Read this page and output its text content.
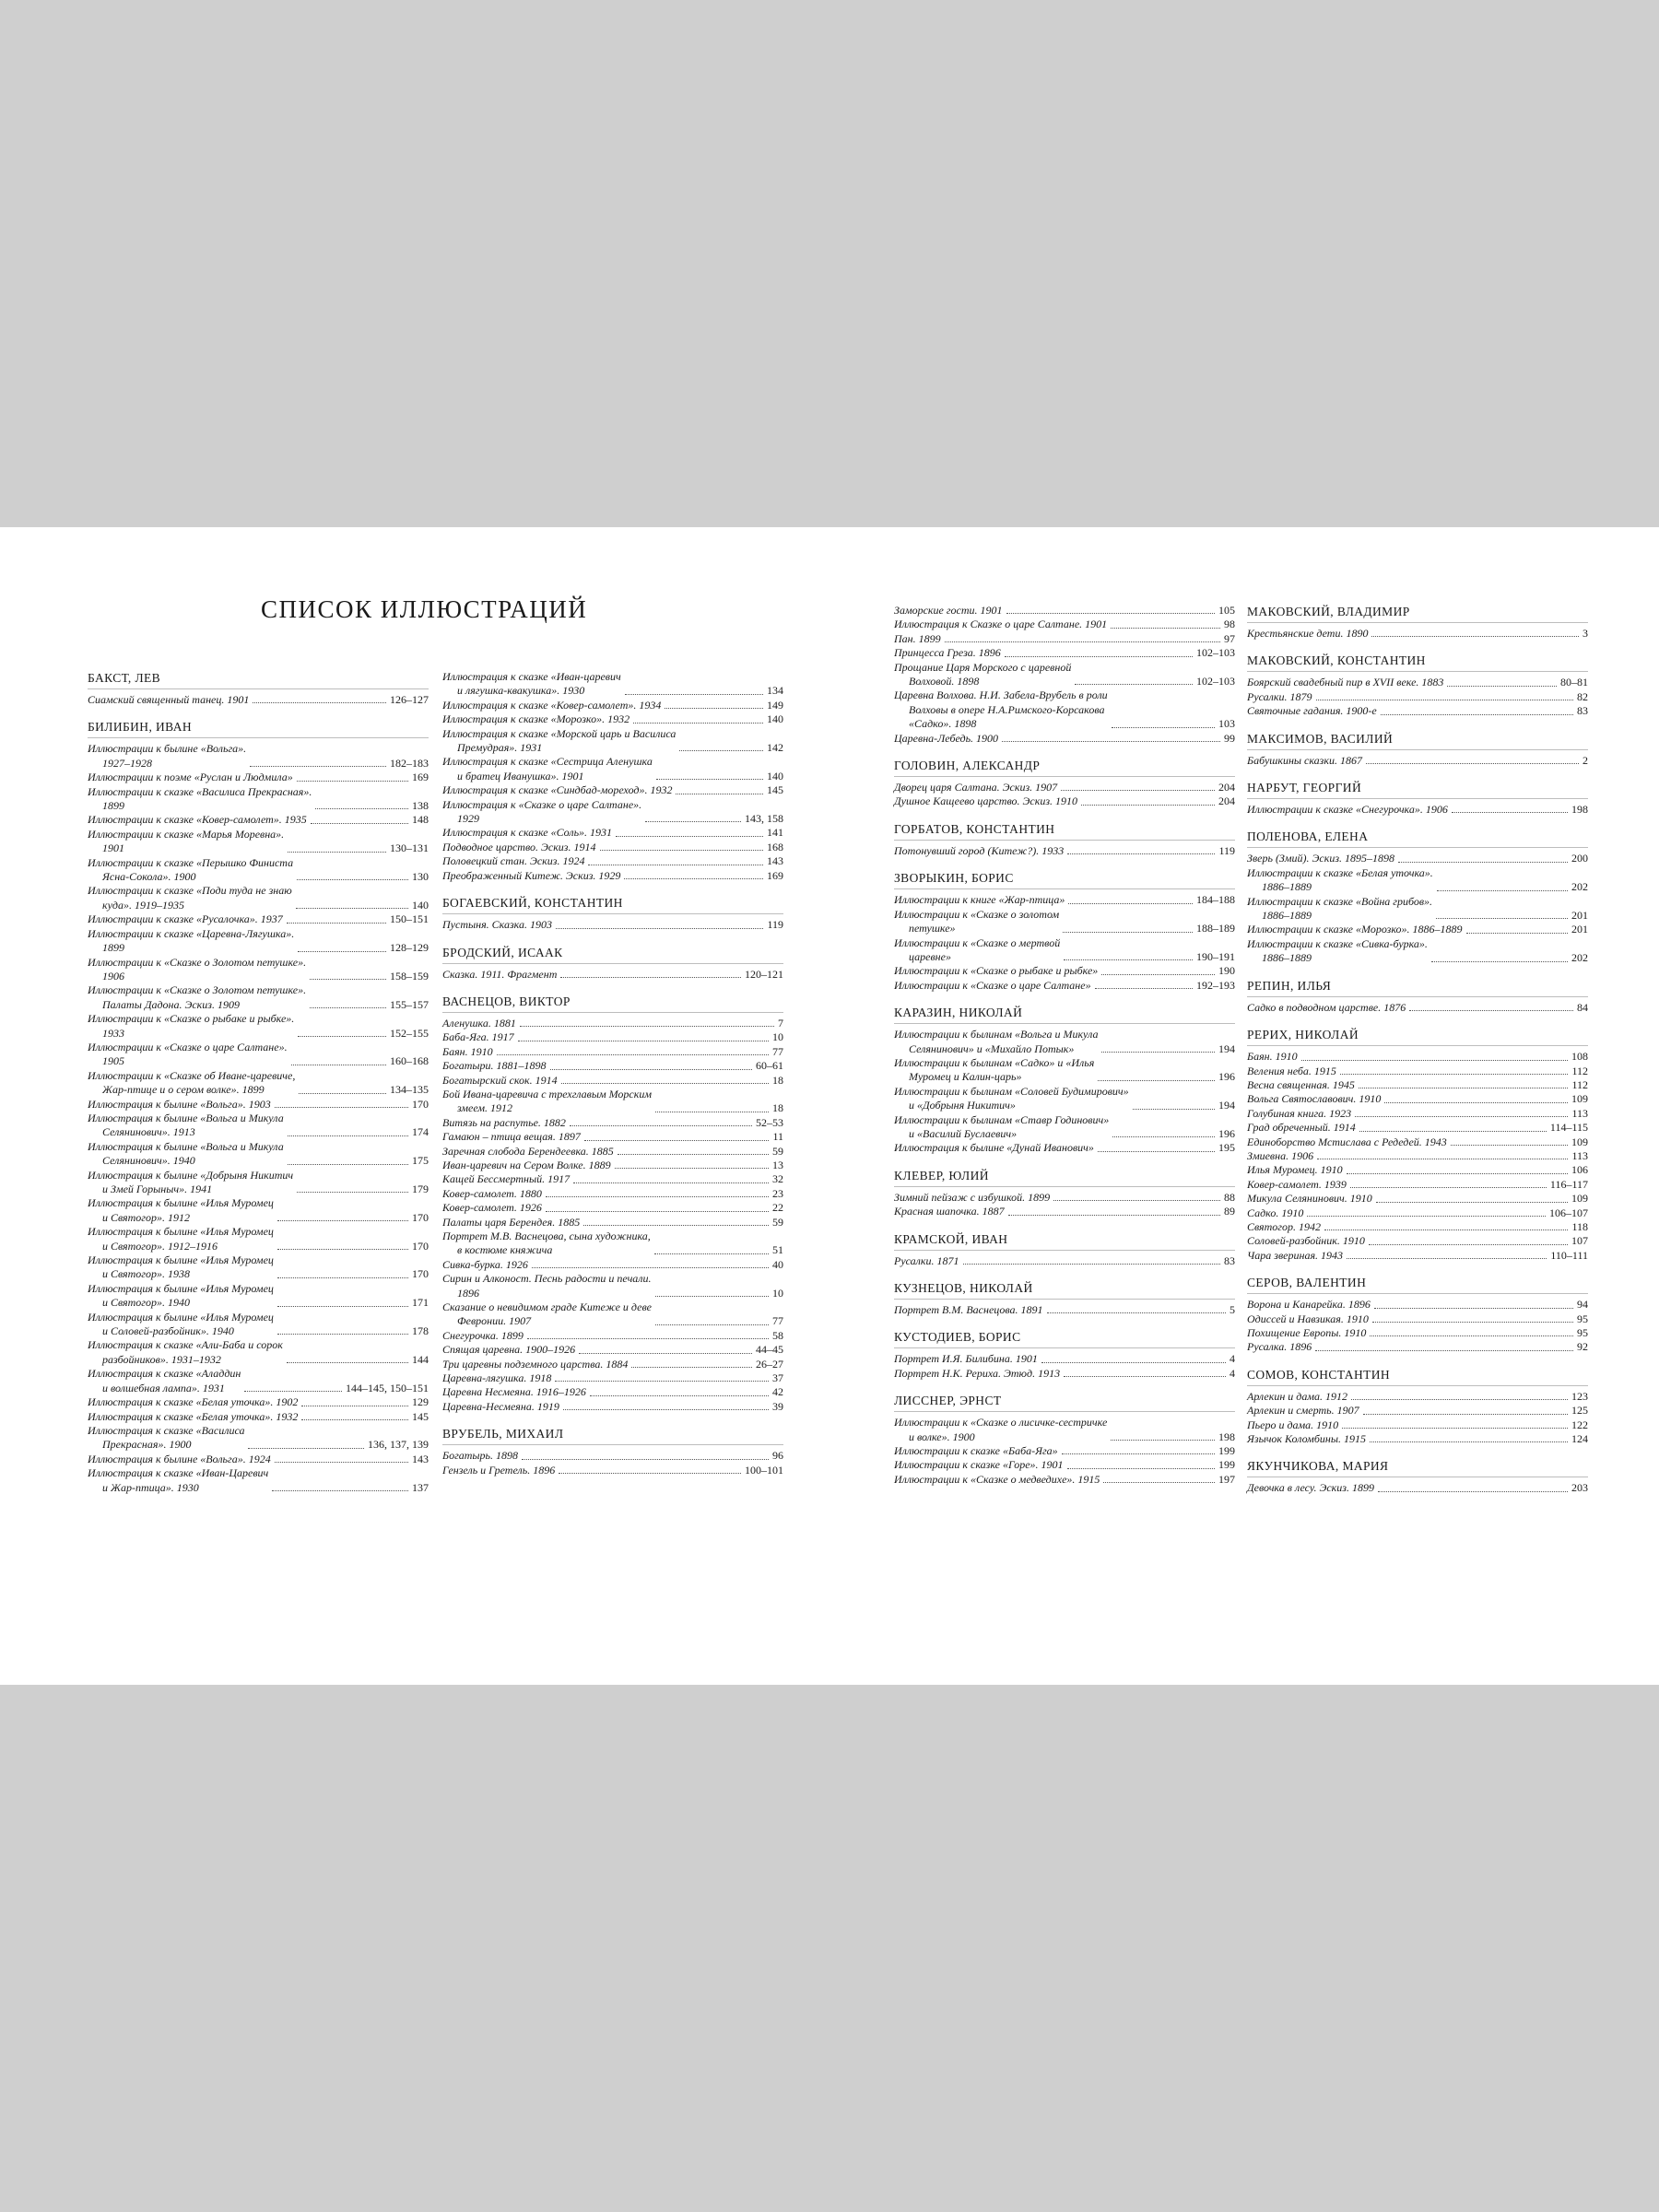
СПИСОК ИЛЛЮСТРАЦИЙ
БАКСТ, ЛЕВ
Сиамский священный танец. 1901	126–127
БИЛИБИН, ИВАН
Иллюстрации к былине «Вольга».
1927–1928	182–183
Иллюстрации к поэме «Руслан и Людмила»	169
Иллюстрации к сказке «Василиса Прекрасная».
1899	138
Иллюстрации к сказке «Ковер-самолет». 1935	148
Иллюстрации к сказке «Марья Моревна».
1901	130–131
Иллюстрации к сказке «Перышко Финиста
Ясна-Сокола». 1900	130
Иллюстрации к сказке «Поди туда не знаю
куда». 1919–1935	140
Иллюстрации к сказке «Русалочка». 1937	150–151
Иллюстрации к сказке «Царевна-Лягушка».
1899	128–129
Иллюстрации к «Сказке о Золотом петушке».
1906	158–159
Иллюстрации к «Сказке о Золотом петушке».
Палаты Дадона. Эскиз. 1909	155–157
Иллюстрации к «Сказке о рыбаке и рыбке».
1933	152–155
Иллюстрации к «Сказке о царе Салтане».
1905	160–168
Иллюстрации к «Сказке об Иване-царевиче,
Жар-птице и о сером волке». 1899	134–135
Иллюстрация к былине «Вольга». 1903	170
Иллюстрация к былине «Вольга и Микула
Селянинович». 1913	174
Иллюстрация к былине «Вольга и Микула
Селянинович». 1940	175
Иллюстрация к былине «Добрыня Никитич
и Змей Горыныч». 1941	179
Иллюстрация к былине «Илья Муромец
и Святогор». 1912	170
Иллюстрация к былине «Илья Муромец
и Святогор». 1912–1916	170
Иллюстрация к былине «Илья Муромец
и Святогор». 1938	170
Иллюстрация к былине «Илья Муромец
и Святогор». 1940	171
Иллюстрация к былине «Илья Муромец
и Соловей-разбойник». 1940	178
Иллюстрация к сказке «Али-Баба и сорок
разбойников». 1931–1932	144
Иллюстрация к сказке «Аладдин
и волшебная лампа». 1931	144–145, 150–151
Иллюстрация к сказке «Белая уточка». 1902	129
Иллюстрация к сказке «Белая уточка». 1932	145
Иллюстрация к сказке «Василиса
Прекрасная». 1900	136, 137, 139
Иллюстрация к былине «Вольга». 1924	143
Иллюстрация к сказке «Иван-Царевич
и Жар-птица». 1930	137
Иллюстрация к сказке «Иван-царевич
и лягушка-квакушка». 1930	134
Иллюстрация к сказке «Ковер-самолет». 1934	149
Иллюстрация к сказке «Морозко». 1932	140
Иллюстрация к сказке «Морской царь и Василиса
Премудрая». 1931	142
Иллюстрация к сказке «Сестрица Аленушка
и братец Иванушка». 1901	140
Иллюстрация к сказке «Синдбад-мореход». 1932	145
Иллюстрация к «Сказке о царе Салтане».
1929	143, 158
Иллюстрация к сказке «Соль». 1931	141
Подводное царство. Эскиз. 1914	168
Половецкий стан. Эскиз. 1924	143
Преображенный Китеж. Эскиз. 1929	169
БОГАЕВСКИЙ, КОНСТАНТИН
Пустыня. Сказка. 1903	119
БРОДСКИЙ, ИСААК
Сказка. 1911. Фрагмент	120–121
ВАСНЕЦОВ, ВИКТОР
Аленушка. 1881	7
Баба-Яга. 1917	10
Баян. 1910	77
Богатыри. 1881–1898	60–61
Богатырский скок. 1914	18
Бой Ивана-царевича с трехглавым Морским
змеем. 1912	18
Витязь на распутье. 1882	52–53
Гамаюн – птица вещая. 1897	11
Заречная слобода Берендеевка. 1885	59
Иван-царевич на Сером Волке. 1889	13
Кащей Бессмертный. 1917	32
Ковер-самолет. 1880	23
Ковер-самолет. 1926	22
Палаты царя Берендея. 1885	59
Портрет М.В. Васнецова, сына художника,
в костюме княжича	51
Сивка-бурка. 1926	40
Сирин и Алконост. Песнь радости и печали.
1896	10
Сказание о невидимом граде Китеже и деве
Февронии. 1907	77
Снегурочка. 1899	58
Спящая царевна. 1900–1926	44–45
Три царевны подземного царства. 1884	26–27
Царевна-лягушка. 1918	37
Царевна Несмеяна. 1916–1926	42
Царевна-Несмеяна. 1919	39
ВРУБЕЛЬ, МИХАИЛ
Богатырь. 1898	96
Гензель и Гретель. 1896	100–101
Заморские гости. 1901	105
Иллюстрация к Сказке о царе Салтане. 1901	98
Пан. 1899	97
Принцесса Греза. 1896	102–103
Прощание Царя Морского с царевной
Волховой. 1898	102–103
Царевна Волхова. Н.И. Забела-Врубель в роли
Волховы в опере Н.А.Римского-Корсакова
«Садко». 1898	103
Царевна-Лебедь. 1900	99
ГОЛОВИН, АЛЕКСАНДР
Дворец царя Салтана. Эскиз. 1907	204
Душное Кащеево царство. Эскиз. 1910	204
ГОРБАТОВ, КОНСТАНТИН
Потонувший город (Китеж?). 1933	119
ЗВОРЫКИН, БОРИС
Иллюстрации к книге «Жар-птица»	184–188
Иллюстрации к «Сказке о золотом
петушке»	188–189
Иллюстрации к «Сказке о мертвой
царевне»	190–191
Иллюстрации к «Сказке о рыбаке и рыбке»	190
Иллюстрации к «Сказке о царе Салтане»	192–193
КАРАЗИН, НИКОЛАЙ
Иллюстрации к былинам «Вольга и Микула
Селянинович» и «Михайло Потык»	194
Иллюстрации к былинам «Садко» и «Илья
Муромец и Калин-царь»	196
Иллюстрации к былинам «Соловей Будимирович»
и «Добрыня Никитич»	194
Иллюстрации к былинам «Ставр Годинович»
и «Василий Буслаевич»	196
Иллюстрация к былине «Дунай Иванович»	195
КЛЕВЕР, ЮЛИЙ
Зимний пейзаж с избушкой. 1899	88
Красная шапочка. 1887	89
КРАМСКОЙ, ИВАН
Русалки. 1871	83
КУЗНЕЦОВ, НИКОЛАЙ
Портрет В.М. Васнецова. 1891	5
КУСТОДИЕВ, БОРИС
Портрет И.Я. Билибина. 1901	4
Портрет Н.К. Рериха. Этюд. 1913	4
ЛИССНЕР, ЭРНСТ
Иллюстрации к «Сказке о лисичке-сестричке
и волке». 1900	198
Иллюстрации к сказке «Баба-Яга»	199
Иллюстрации к сказке «Горе». 1901	199
Иллюстрации к «Сказке о медведихе». 1915	197
МАКОВСКИЙ, ВЛАДИМИР
Крестьянские дети. 1890	3
МАКОВСКИЙ, КОНСТАНТИН
Боярский свадебный пир в XVII веке. 1883	80–81
Русалки. 1879	82
Святочные гадания. 1900-е	83
МАКСИМОВ, ВАСИЛИЙ
Бабушкины сказки. 1867	2
НАРБУТ, ГЕОРГИЙ
Иллюстрации к сказке «Снегурочка». 1906	198
ПОЛЕНОВА, ЕЛЕНА
Зверь (Змий). Эскиз. 1895–1898	200
Иллюстрации к сказке «Белая уточка».
1886–1889	202
Иллюстрации к сказке «Война грибов».
1886–1889	201
Иллюстрации к сказке «Морозко». 1886–1889	201
Иллюстрации к сказке «Сивка-бурка».
1886–1889	202
РЕПИН, ИЛЬЯ
Садко в подводном царстве. 1876	84
РЕРИХ, НИКОЛАЙ
Баян. 1910	108
Веления неба. 1915	112
Весна священная. 1945	112
Вольга Святославович. 1910	109
Голубиная книга. 1923	113
Град обреченный. 1914	114–115
Единоборство Мстислава с Редедей. 1943	109
Змиевна. 1906	113
Илья Муромец. 1910	106
Ковер-самолет. 1939	116–117
Микула Селянинович. 1910	109
Садко. 1910	106–107
Святогор. 1942	118
Соловей-разбойник. 1910	107
Чара звериная. 1943	110–111
СЕРОВ, ВАЛЕНТИН
Ворона и Канарейка. 1896	94
Одиссей и Навзикая. 1910	95
Похищение Европы. 1910	95
Русалка. 1896	92
СОМОВ, КОНСТАНТИН
Арлекин и дама. 1912	123
Арлекин и смерть. 1907	125
Пьеро и дама. 1910	122
Язычок Коломбины. 1915	124
ЯКУНЧИКОВА, МАРИЯ
Девочка в лесу. Эскиз. 1899	203
